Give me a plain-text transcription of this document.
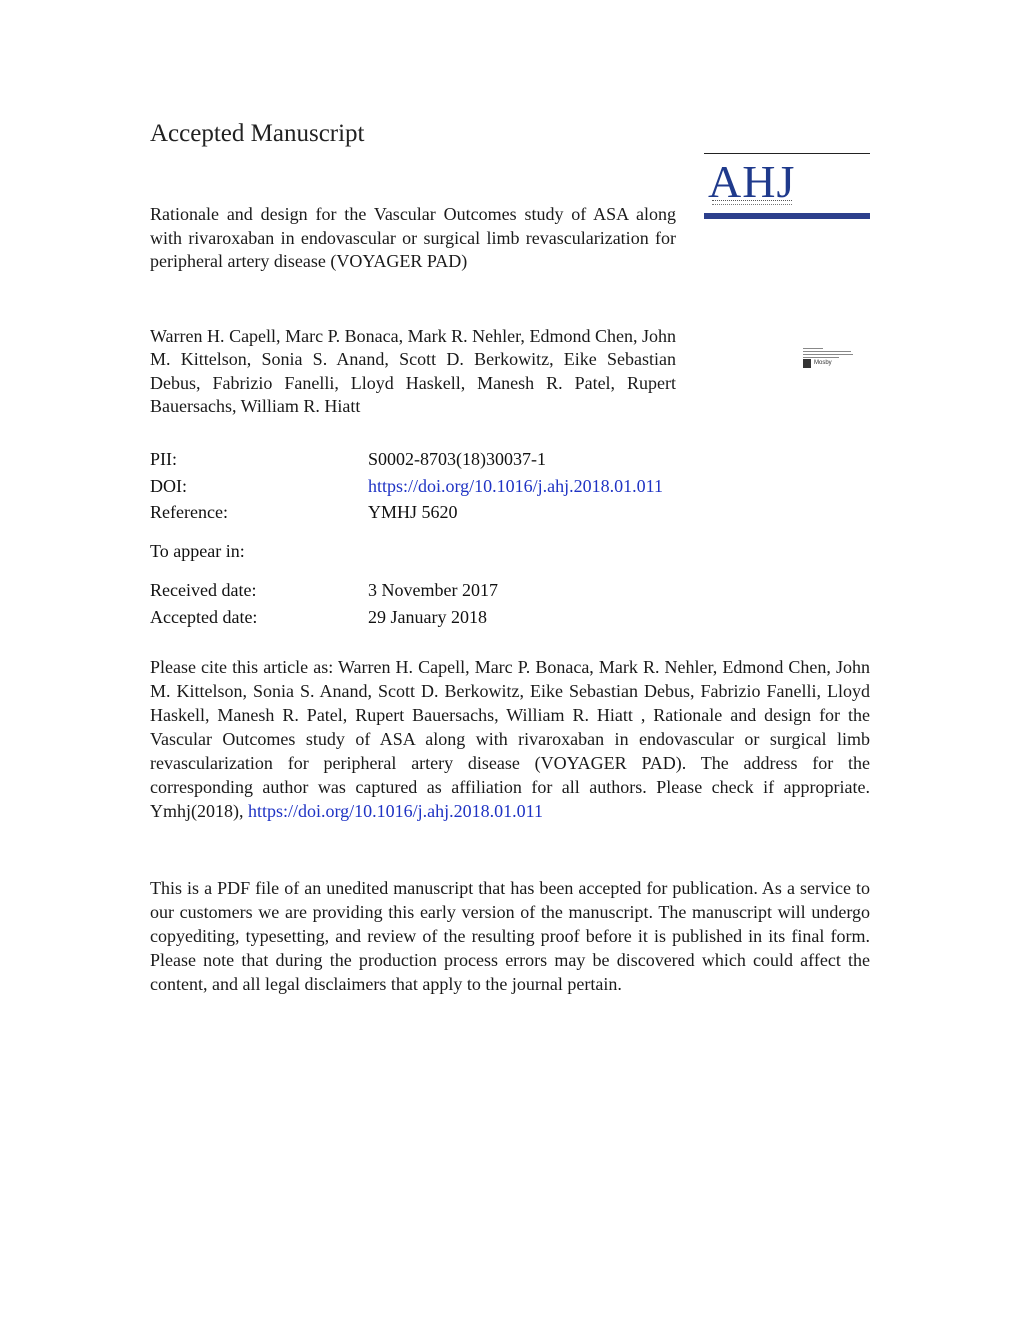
Accepted Manuscript
AHJ
Rationale and design for the Vascular Outcomes study of ASA along with rivaroxaban in endovascular or surgical limb revascularization for peripheral artery disease (VOYAGER PAD)
Mosby
Warren H. Capell, Marc P. Bonaca, Mark R. Nehler, Edmond Chen, John M. Kittelson, Sonia S. Anand, Scott D. Berkowitz, Eike Sebastian Debus, Fabrizio Fanelli, Lloyd Haskell, Manesh R. Patel, Rupert Bauersachs, William R. Hiatt
PII:	S0002-8703(18)30037-1
DOI:	https://doi.org/10.1016/j.ahj.2018.01.011
Reference:	YMHJ 5620
To appear in:
Received date:	3 November 2017
Accepted date:	29 January 2018
Please cite this article as: Warren H. Capell, Marc P. Bonaca, Mark R. Nehler, Edmond Chen, John M. Kittelson, Sonia S. Anand, Scott D. Berkowitz, Eike Sebastian Debus, Fabrizio Fanelli, Lloyd Haskell, Manesh R. Patel, Rupert Bauersachs, William R. Hiatt , Rationale and design for the Vascular Outcomes study of ASA along with rivaroxaban in endovascular or surgical limb revascularization for peripheral artery disease (VOYAGER PAD). The address for the corresponding author was captured as affiliation for all authors. Please check if appropriate. Ymhj(2018), https://doi.org/10.1016/j.ahj.2018.01.011
This is a PDF file of an unedited manuscript that has been accepted for publication. As a service to our customers we are providing this early version of the manuscript. The manuscript will undergo copyediting, typesetting, and review of the resulting proof before it is published in its final form. Please note that during the production process errors may be discovered which could affect the content, and all legal disclaimers that apply to the journal pertain.
